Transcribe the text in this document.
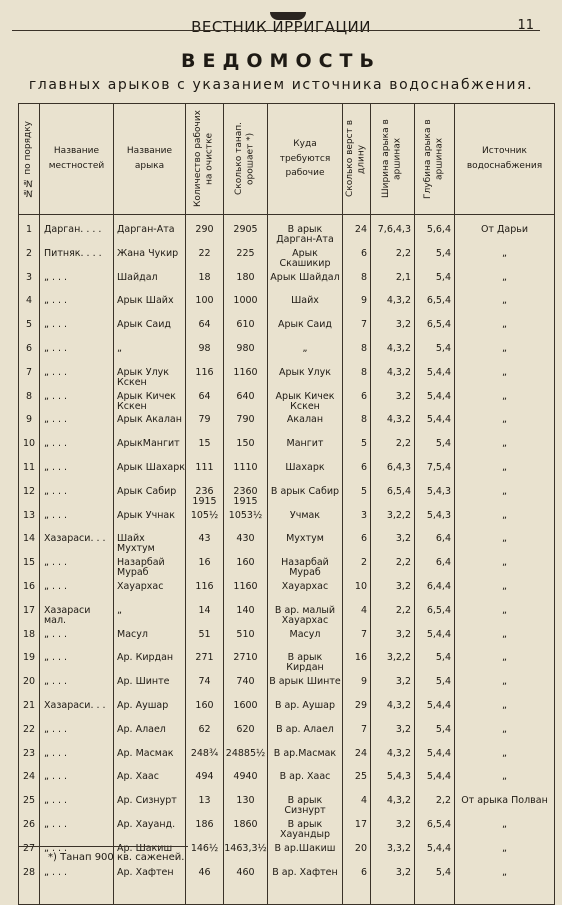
ВЕСТНИК ИРРИГАЦИИ	11
ВЕДОМОСТЬ
главных арыков с указанием источника водоснабжения.
№№ по порядку	Название местностей	Название арыка	Количество рабочих на очистке	Сколько танап. орошает *)	Куда требуются рабочие	Сколько верст в длину	Ширина арыка в аршинах	Глубина арыка в аршинах	Источник водоснабжения
1	Дарган. . . .	Дарган-Ата	290	2905	В арык Дарган-Ата	24	7,6,4,3	5,6,4	От Дарьи
2	Питняк. . . .	Жана Чукир	22	225	Арык Скашикир	6	2,2	5,4	„
3	„ . . .	Шайдал	18	180	Арык Шайдал	8	2,1	5,4	„
4	„ . . .	Арык Шайх	100	1000	Шайх	9	4,3,2	6,5,4	„
5	„ . . .	Арык Саид	64	610	Арык Саид	7	3,2	6,5,4	„
6	„ . . .	„	98	980	„	8	4,3,2	5,4	„
7	„ . . .	Арык Улук Кскен	116	1160	Арык Улук	8	4,3,2	5,4,4	„
8	„ . . .	Арык Кичек Кскен	64	640	Арык Кичек Кскен	6	3,2	5,4,4	„
9	„ . . .	Арык Акалан	79	790	Акалан	8	4,3,2	5,4,4	„
10	„ . . .	АрыкМангит	15	150	Мангит	5	2,2	5,4	„
11	„ . . .	Арык Шахарк	111	1110	Шахарк	6	6,4,3	7,5,4	„
12	„ . . .	Арык Сабир	236 1915	2360 1915	В арык Сабир	5	6,5,4	5,4,3	„
13	„ . . .	Арык Учнак	105½	1053½	Учмак	3	3,2,2	5,4,3	„
14	Хазараси. . .	Шайх Мухтум	43	430	Мухтум	6	3,2	6,4	„
15	„ . . .	Назарбай Мураб	16	160	Назарбай Мураб	2	2,2	6,4	„
16	„ . . .	Хауархас	116	1160	Хауархас	10	3,2	6,4,4	„
17	Хазараси мал.	„	14	140	В ар. малый Хауархас	4	2,2	6,5,4	„
18	„ . . .	Масул	51	510	Масул	7	3,2	5,4,4	„
19	„ . . .	Ар. Кирдан	271	2710	В арык Кирдан	16	3,2,2	5,4	„
20	„ . . .	Ар. Шинте	74	740	В арык Шинте	9	3,2	5,4	„
21	Хазараси. . .	Ар. Аушар	160	1600	В ар. Аушар	29	4,3,2	5,4,4	„
22	„ . . .	Ар. Алаел	62	620	В ар. Алаел	7	3,2	5,4	„
23	„ . . .	Ар. Масмак	248¾	24885½	В ар.Масмак	24	4,3,2	5,4,4	„
24	„ . . .	Ар. Хаас	494	4940	В ар. Хаас	25	5,4,3	5,4,4	„
25	„ . . .	Ар. Сизнурт	13	130	В арык Сизнурт	4	4,3,2	2,2	От арыка Полван
26	„ . . .	Ар. Хауанд.	186	1860	В арык Хауандыр	17	3,2	6,5,4	„
27	„ . . .	Ар. Шакиш	146½	1463,3½	В ар.Шакиш	20	3,3,2	5,4,4	„
28	„ . . .	Ар. Хафтен	46	460	В ар. Хафтен	6	3,2	5,4	„
*) Танап 900 кв. саженей.
